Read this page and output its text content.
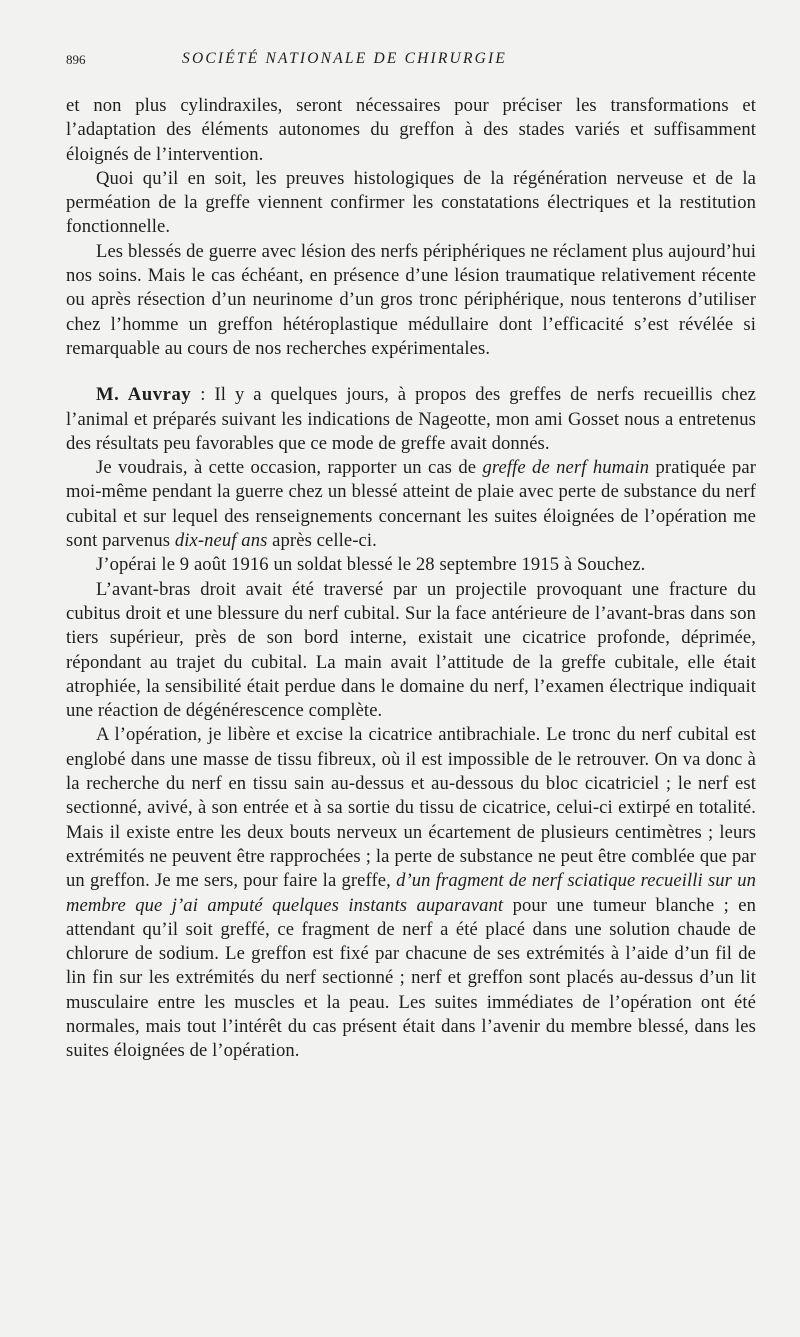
896	SOCIÉTÉ NATIONALE DE CHIRURGIE

et non plus cylindraxiles, seront nécessaires pour préciser les transformations et l’adaptation des éléments autonomes du greffon à des stades variés et suffisamment éloignés de l’intervention.

Quoi qu’il en soit, les preuves histologiques de la régénération nerveuse et de la perméation de la greffe viennent confirmer les constatations électriques et la restitution fonctionnelle.

Les blessés de guerre avec lésion des nerfs périphériques ne réclament plus aujourd’hui nos soins. Mais le cas échéant, en présence d’une lésion traumatique relativement récente ou après résection d’un neurinome d’un gros tronc périphérique, nous tenterons d’utiliser chez l’homme un greffon hétéroplastique médullaire dont l’efficacité s’est révélée si remarquable au cours de nos recherches expérimentales.

M. Auvray : Il y a quelques jours, à propos des greffes de nerfs recueillis chez l’animal et préparés suivant les indications de Nageotte, mon ami Gosset nous a entretenus des résultats peu favorables que ce mode de greffe avait donnés.

Je voudrais, à cette occasion, rapporter un cas de greffe de nerf humain pratiquée par moi-même pendant la guerre chez un blessé atteint de plaie avec perte de substance du nerf cubital et sur lequel des renseignements concernant les suites éloignées de l’opération me sont parvenus dix-neuf ans après celle-ci.

J’opérai le 9 août 1916 un soldat blessé le 28 septembre 1915 à Souchez.

L’avant-bras droit avait été traversé par un projectile provoquant une fracture du cubitus droit et une blessure du nerf cubital. Sur la face antérieure de l’avant-bras dans son tiers supérieur, près de son bord interne, existait une cicatrice profonde, déprimée, répondant au trajet du cubital. La main avait l’attitude de la greffe cubitale, elle était atrophiée, la sensibilité était perdue dans le domaine du nerf, l’examen électrique indiquait une réaction de dégénérescence complète.

A l’opération, je libère et excise la cicatrice antibrachiale. Le tronc du nerf cubital est englobé dans une masse de tissu fibreux, où il est impossible de le retrouver. On va donc à la recherche du nerf en tissu sain au-dessus et au-dessous du bloc cicatriciel ; le nerf est sectionné, avivé, à son entrée et à sa sortie du tissu de cicatrice, celui-ci extirpé en totalité. Mais il existe entre les deux bouts nerveux un écartement de plusieurs centimètres ; leurs extrémités ne peuvent être rapprochées ; la perte de substance ne peut être comblée que par un greffon. Je me sers, pour faire la greffe, d’un fragment de nerf sciatique recueilli sur un membre que j’ai amputé quelques instants auparavant pour une tumeur blanche ; en attendant qu’il soit greffé, ce fragment de nerf a été placé dans une solution chaude de chlorure de sodium. Le greffon est fixé par chacune de ses extrémités à l’aide d’un fil de lin fin sur les extrémités du nerf sectionné ; nerf et greffon sont placés au-dessus d’un lit musculaire entre les muscles et la peau. Les suites immédiates de l’opération ont été normales, mais tout l’intérêt du cas présent était dans l’avenir du membre blessé, dans les suites éloignées de l’opération.
